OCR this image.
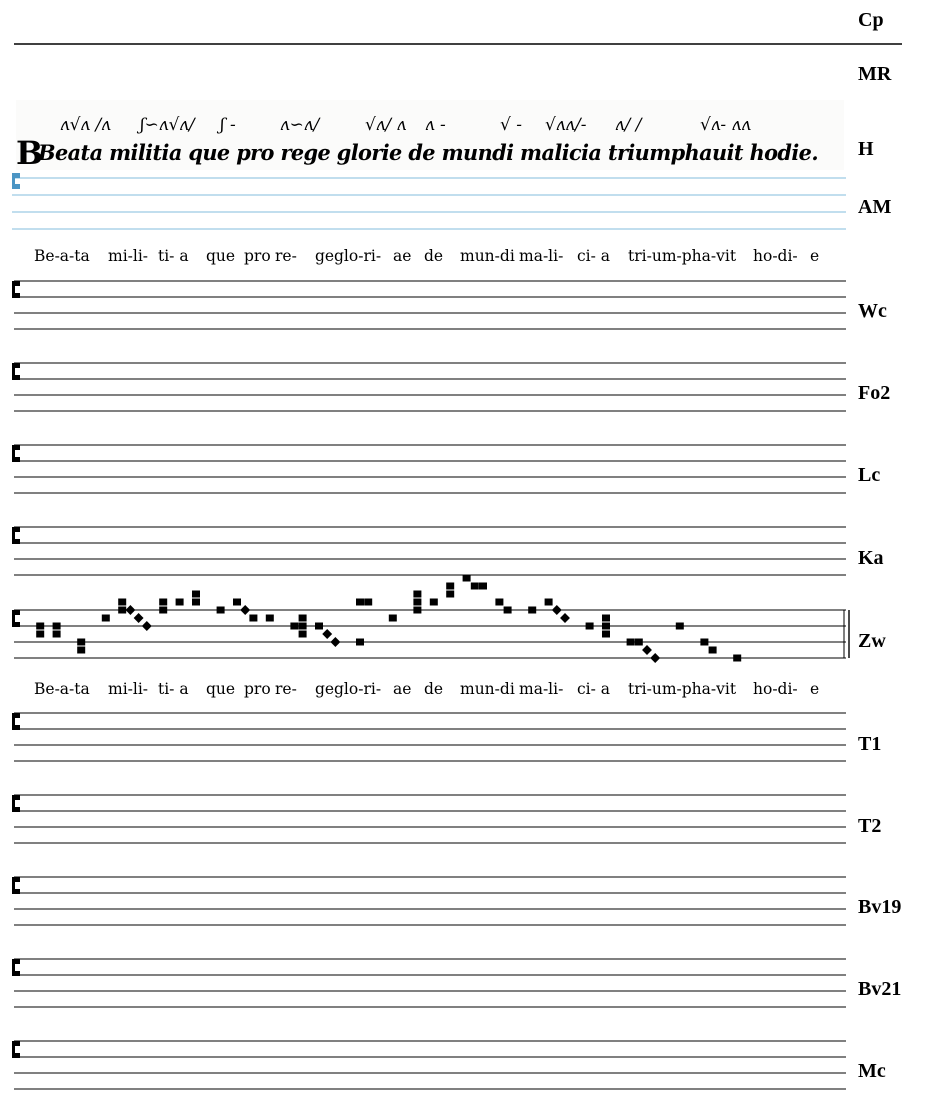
Cp
MR
H
AM
Wc
Fo2
Lc
Ka
Zw
T1
T2
Bv19
Bv21
Mc
ʌ√ʌ ∕ʌ ʃ∽ʌ√ʌ∕ ʃ -	ʌ∽ʌ∕	√ʌ∕ ʌ ʌ -	√ - √ʌʌ∕- ʌ∕ ∕	√ʌ- ʌʌ
B
Beata militia que pro rege glorie de mundi malicia triumphauit hodie.
Be-a-ta mi-li- ti- a que pro re- ge glo-ri- ae de mun-di ma-li- ci- a tri-um-pha-vit ho-di- e
Be-a-ta mi-li- ti- a que pro re- ge glo-ri- ae de mun-di ma-li- ci- a tri-um-pha-vit ho-di- e
